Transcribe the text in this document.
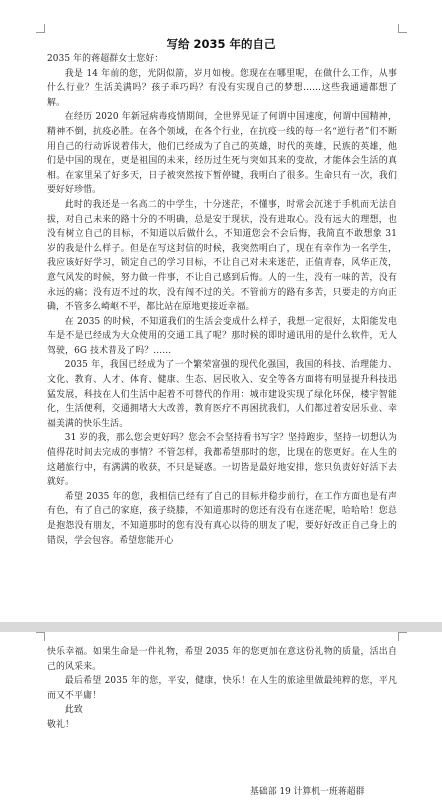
写给 2035 年的自己

2035 年的蒋超群女士您好：

我是 14 年前的您，光阴似箭，岁月如梭。您现在在哪里呢，在做什么工作，从事什么行业？生活美满吗？孩子乖巧吗？有没有实现自己的梦想……这些我通通都想了解。

在经历 2020 年新冠病毒疫情期间，全世界见证了何谓中国速度，何谓中国精神，精神不倒，抗疫必胜。在各个领域，在各个行业，在抗疫一线的每一名“逆行者”们不断用自己的行动诉说着伟大，他们已经成为了自己的英雄，时代的英雄，民族的英雄，他们是中国的现在，更是祖国的未来，经历过生死与突如其来的变故，才能体会生活的真相。在家里呆了好多天，日子被突然按下暂停键，我明白了很多。生命只有一次，我们要好好珍惜。

此时的我还是一名高二的中学生，十分迷茫，不懂事，时常会沉迷于手机而无法自拔，对自己未来的路十分的不明确，总是安于现状，没有进取心。没有远大的理想，也没有树立自己的目标，不知道以后做什么，不知道您会不会后悔，我简直不敢想象 31 岁的我是什么样子。但是在写这封信的时候，我突然明白了，现在有幸作为一名学生，我应该好好学习，锁定自己的学习目标，不让自己对未来迷茫，正值青春，风华正茂，意气风发的时候，努力做一件事，不让自己感到后悔。人的一生，没有一味的苦，没有永远的痛；没有迈不过的坎，没有闯不过的关。不管前方的路有多苦，只要走的方向正确，不管多么崎岖不平，都比站在原地更接近幸福。

在 2035 的时候，不知道我们的生活会变成什么样子，我想一定很好，太阳能发电车是不是已经成为大众使用的交通工具了呢？那时候的即时通讯用的是什么软件，无人驾驶，6G 技术普及了吗？……

2035 年，我国已经成为了一个繁荣富强的现代化强国，我国的科技、治理能力、文化、教育、人才、体育、健康、生态、居民收入、安全等各方面将有明显提升科技迅猛发展，科技在人们生活中起着不可替代的作用：城市建设实现了绿化环保，楼宇智能化，生活便利，交通拥堵大大改善，教育医疗不再困扰我们，人们都过着安居乐业、幸福美满的快乐生活。

31 岁的我，那么您会更好吗？您会不会坚持看书写字？坚持跑步，坚持一切想认为值得花时间去完成的事情？不管怎样，我都希望那时的您，比现在的您更好。在人生的这趟旅行中，有满满的收获，不只是疑惑。一切皆是最好地安排，您只负责好好活下去就好。

希望 2035 年的您，我相信已经有了自己的目标并稳步前行，在工作方面也是有声有色，有了自己的家庭，孩子绕膝，不知道那时的您还有没有在迷茫呢，哈哈哈！您总是抱怨没有朋友，不知道那时的您有没有真心以待的朋友了呢，要好好改正自己身上的错误，学会包容。希望您能开心

快乐幸福。如果生命是一件礼物，希望 2035 年的您更加在意这份礼物的质量，活出自己的风采来。

最后希望 2035 年的您，平安，健康，快乐！在人生的旅途里做最纯粹的您，平凡而又不平庸！

此致

敬礼！

基础部 19 计算机一班蒋超群
